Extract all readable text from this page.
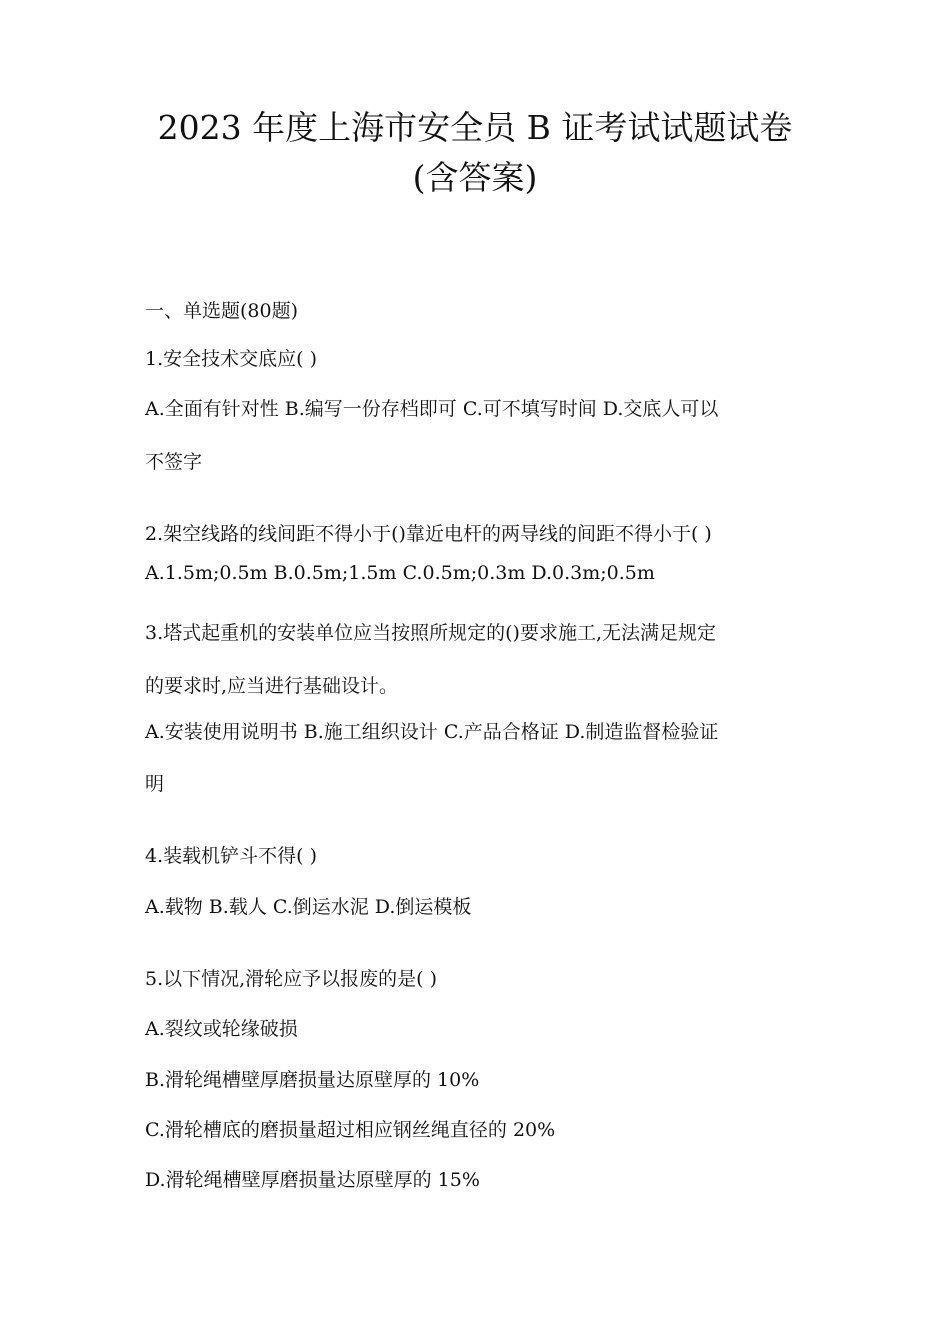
2023 年度上海市安全员 B 证考试试题试卷
(含答案)
一、单选题(80题)
1.安全技术交底应( )
A.全面有针对性 B.编写一份存档即可 C.可不填写时间 D.交底人可以
不签字
2.架空线路的线间距不得小于()靠近电杆的两导线的间距不得小于( )
A.1.5m;0.5m B.0.5m;1.5m C.0.5m;0.3m D.0.3m;0.5m
3.塔式起重机的安装单位应当按照所规定的()要求施工,无法满足规定
的要求时,应当进行基础设计。
A.安装使用说明书 B.施工组织设计 C.产品合格证 D.制造监督检验证
明
4.装载机铲斗不得( )
A.载物 B.载人 C.倒运水泥 D.倒运模板
5.以下情况,滑轮应予以报废的是( )
A.裂纹或轮缘破损
B.滑轮绳槽壁厚磨损量达原壁厚的 10%
C.滑轮槽底的磨损量超过相应钢丝绳直径的 20%
D.滑轮绳槽壁厚磨损量达原壁厚的 15%
